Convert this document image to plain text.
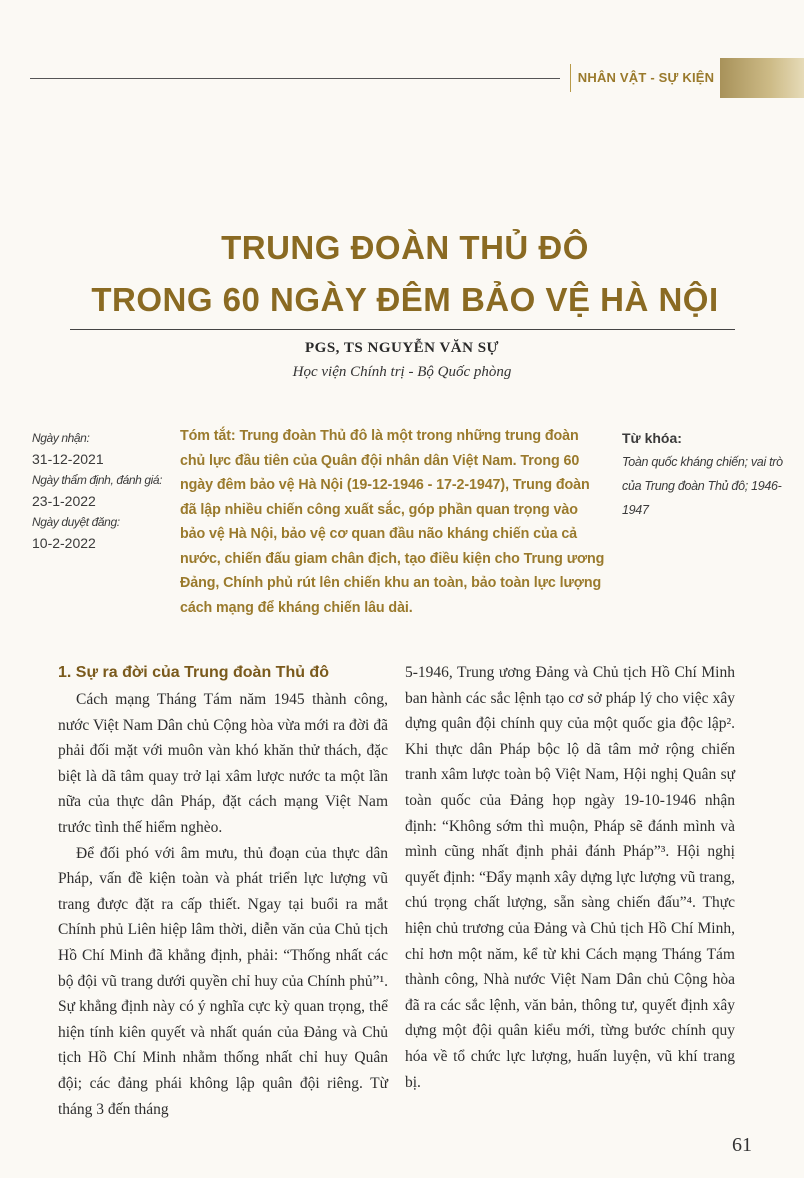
NHÂN VẬT - SỰ KIỆN
TRUNG ĐOÀN THỦ ĐÔ
TRONG 60 NGÀY ĐÊM BẢO VỆ HÀ NỘI
PGS, TS NGUYỄN VĂN SỰ
Học viện Chính trị - Bộ Quốc phòng
Ngày nhận:
31-12-2021
Ngày thẩm định, đánh giá:
23-1-2022
Ngày duyệt đăng:
10-2-2022
Tóm tắt: Trung đoàn Thủ đô là một trong những trung đoàn chủ lực đầu tiên của Quân đội nhân dân Việt Nam. Trong 60 ngày đêm bảo vệ Hà Nội (19-12-1946 - 17-2-1947), Trung đoàn đã lập nhiều chiến công xuất sắc, góp phần quan trọng vào bảo vệ Hà Nội, bảo vệ cơ quan đầu não kháng chiến của cả nước, chiến đấu giam chân địch, tạo điều kiện cho Trung ương Đảng, Chính phủ rút lên chiến khu an toàn, bảo toàn lực lượng cách mạng để kháng chiến lâu dài.
Từ khóa:
Toàn quốc kháng chiến; vai trò của Trung đoàn Thủ đô; 1946-1947
1. Sự ra đời của Trung đoàn Thủ đô

Cách mạng Tháng Tám năm 1945 thành công, nước Việt Nam Dân chủ Cộng hòa vừa mới ra đời đã phải đối mặt với muôn vàn khó khăn thử thách, đặc biệt là dã tâm quay trở lại xâm lược nước ta một lần nữa của thực dân Pháp, đặt cách mạng Việt Nam trước tình thế hiểm nghèo.

Để đối phó với âm mưu, thủ đoạn của thực dân Pháp, vấn đề kiện toàn và phát triển lực lượng vũ trang được đặt ra cấp thiết. Ngay tại buổi ra mắt Chính phủ Liên hiệp lâm thời, diễn văn của Chủ tịch Hồ Chí Minh đã khẳng định, phải: “Thống nhất các bộ đội vũ trang dưới quyền chỉ huy của Chính phủ”¹. Sự khẳng định này có ý nghĩa cực kỳ quan trọng, thể hiện tính kiên quyết và nhất quán của Đảng và Chủ tịch Hồ Chí Minh nhằm thống nhất chỉ huy Quân đội; các đảng phái không lập quân đội riêng. Từ tháng 3 đến tháng

5-1946, Trung ương Đảng và Chủ tịch Hồ Chí Minh ban hành các sắc lệnh tạo cơ sở pháp lý cho việc xây dựng quân đội chính quy của một quốc gia độc lập². Khi thực dân Pháp bộc lộ dã tâm mở rộng chiến tranh xâm lược toàn bộ Việt Nam, Hội nghị Quân sự toàn quốc của Đảng họp ngày 19-10-1946 nhận định: “Không sớm thì muộn, Pháp sẽ đánh mình và mình cũng nhất định phải đánh Pháp”³. Hội nghị quyết định: “Đẩy mạnh xây dựng lực lượng vũ trang, chú trọng chất lượng, sẵn sàng chiến đấu”⁴. Thực hiện chủ trương của Đảng và Chủ tịch Hồ Chí Minh, chỉ hơn một năm, kể từ khi Cách mạng Tháng Tám thành công, Nhà nước Việt Nam Dân chủ Cộng hòa đã ra các sắc lệnh, văn bản, thông tư, quyết định xây dựng một đội quân kiểu mới, từng bước chính quy hóa về tổ chức lực lượng, huấn luyện, vũ khí trang bị.

61
